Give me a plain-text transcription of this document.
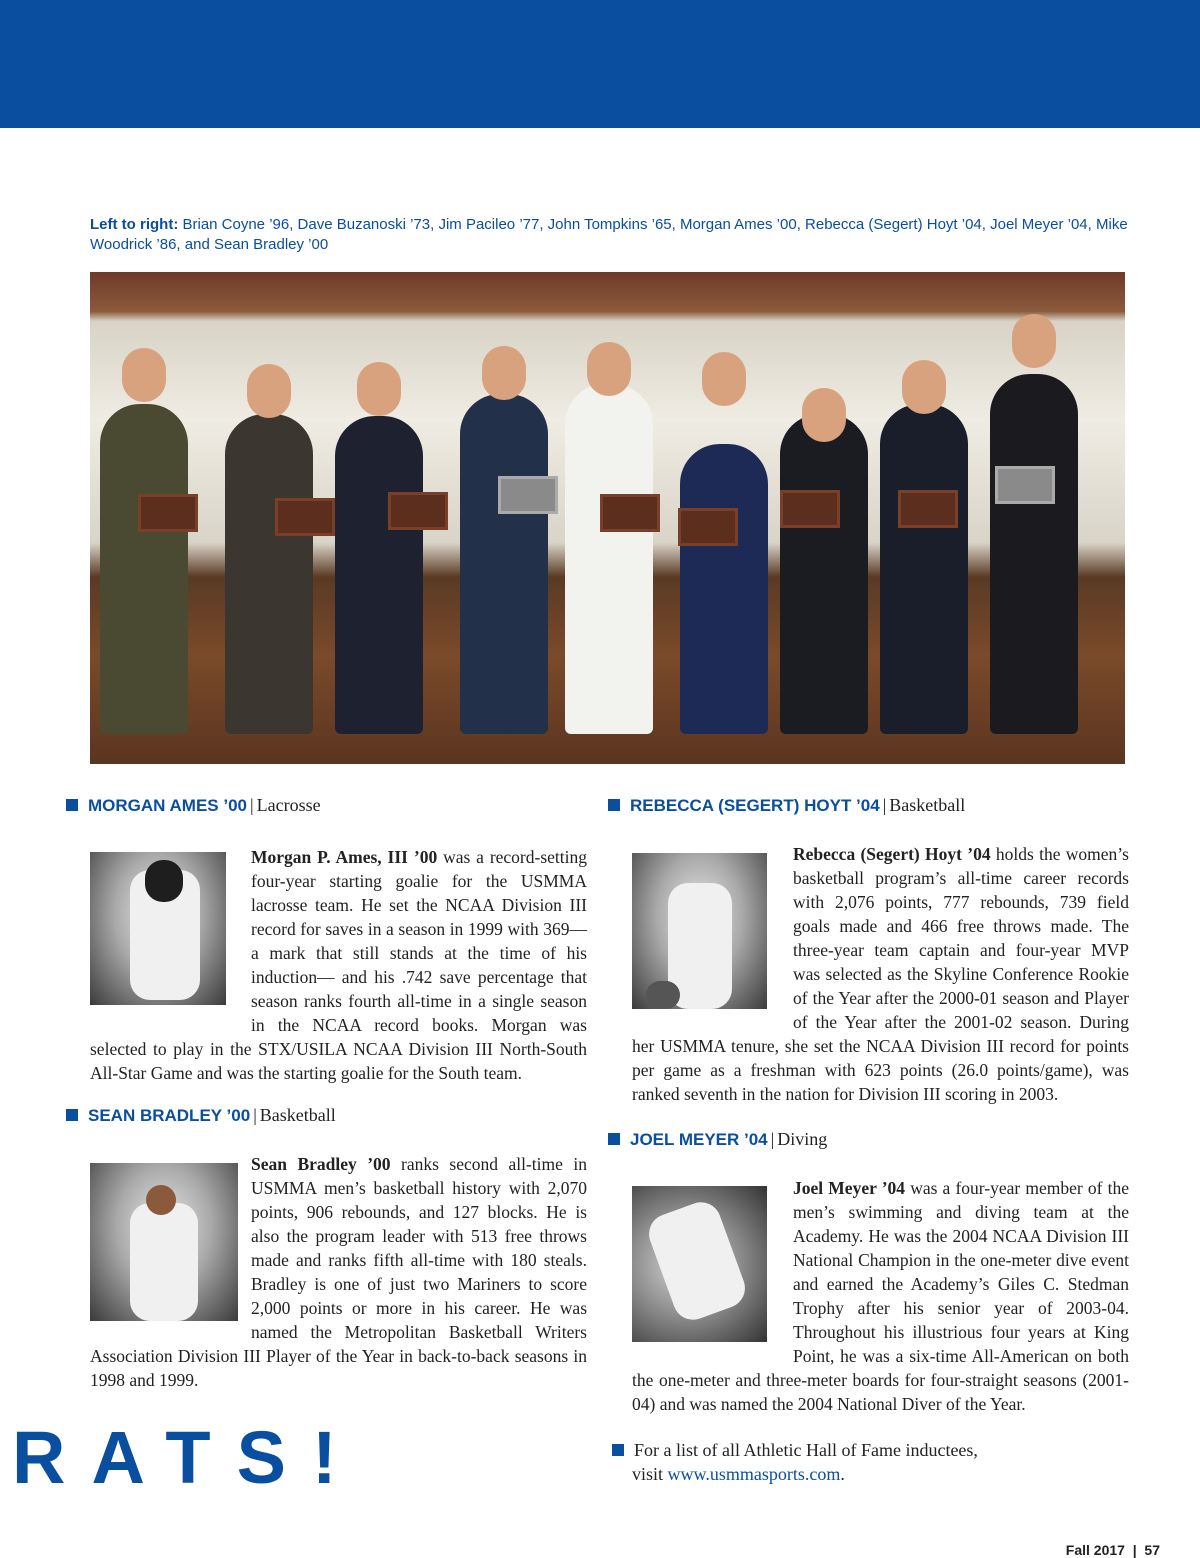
Left to right: Brian Coyne ’96, Dave Buzanoski ’73, Jim Pacileo ’77, John Tompkins ’65, Morgan Ames ’00, Rebecca (Segert) Hoyt ’04, Joel Meyer ’04, Mike Woodrick ’86, and Sean Bradley ’00
MORGAN AMES ’00 | Lacrosse
Morgan P. Ames, III ’00 was a record-setting four-year starting goalie for the USMMA lacrosse team. He set the NCAA Division III record for saves in a season in 1999 with 369—a mark that still stands at the time of his induction— and his .742 save percentage that season ranks fourth all-time in a single season in the NCAA record books. Morgan was selected to play in the STX/USILA NCAA Division III North-South All-Star Game and was the starting goalie for the South team.
SEAN BRADLEY ’00 | Basketball
Sean Bradley ’00 ranks second all-time in USMMA men’s basketball history with 2,070 points, 906 rebounds, and 127 blocks. He is also the program leader with 513 free throws made and ranks fifth all-time with 180 steals. Bradley is one of just two Mariners to score 2,000 points or more in his career. He was named the Metropolitan Basketball Writers Association Division III Player of the Year in back-to-back seasons in 1998 and 1999.
REBECCA (SEGERT) HOYT ’04 | Basketball
Rebecca (Segert) Hoyt ’04 holds the women’s basketball program’s all-time career records with 2,076 points, 777 rebounds, 739 field goals made and 466 free throws made. The three-year team captain and four-year MVP was selected as the Skyline Conference Rookie of the Year after the 2000-01 season and Player of the Year after the 2001-02 season. During her USMMA tenure, she set the NCAA Division III record for points per game as a freshman with 623 points (26.0 points/game), was ranked seventh in the nation for Division III scoring in 2003.
JOEL MEYER ’04 | Diving
Joel Meyer ’04 was a four-year member of the men’s swimming and diving team at the Academy. He was the 2004 NCAA Division III National Champion in the one-meter dive event and earned the Academy’s Giles C. Stedman Trophy after his senior year of 2003-04. Throughout his illustrious four years at King Point, he was a six-time All-American on both the one-meter and three-meter boards for four-straight seasons (2001-04) and was named the 2004 National Diver of the Year.
RATS!	For a list of all Athletic Hall of Fame inductees,
visit www.usmmasports.com.
Fall 2017  |  57
